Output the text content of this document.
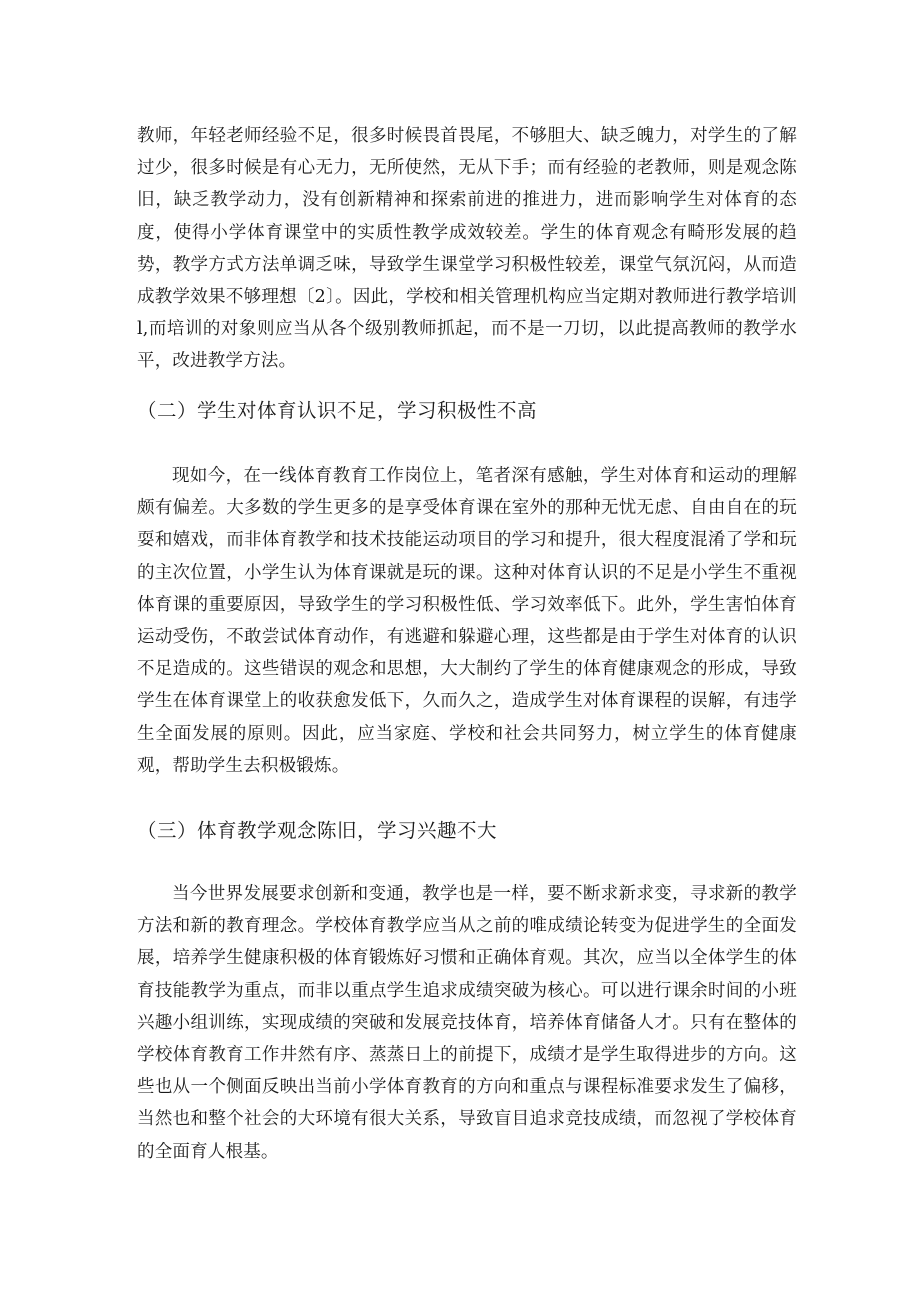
教师，年轻老师经验不足，很多时候畏首畏尾，不够胆大、缺乏魄力，对学生的了解过少，很多时候是有心无力，无所使然，无从下手；而有经验的老教师，则是观念陈旧，缺乏教学动力，没有创新精神和探索前进的推进力，进而影响学生对体育的态度，使得小学体育课堂中的实质性教学成效较差。学生的体育观念有畸形发展的趋势，教学方式方法单调乏味，导致学生课堂学习积极性较差，课堂气氛沉闷，从而造成教学效果不够理想〔2〕。因此，学校和相关管理机构应当定期对教师进行教学培训l,而培训的对象则应当从各个级别教师抓起，而不是一刀切，以此提高教师的教学水平，改进教学方法。

（二）学生对体育认识不足，学习积极性不高

现如今，在一线体育教育工作岗位上，笔者深有感触，学生对体育和运动的理解颇有偏差。大多数的学生更多的是享受体育课在室外的那种无忧无虑、自由自在的玩耍和嬉戏，而非体育教学和技术技能运动项目的学习和提升，很大程度混淆了学和玩的主次位置，小学生认为体育课就是玩的课。这种对体育认识的不足是小学生不重视体育课的重要原因，导致学生的学习积极性低、学习效率低下。此外，学生害怕体育运动受伤，不敢尝试体育动作，有逃避和躲避心理，这些都是由于学生对体育的认识不足造成的。这些错误的观念和思想，大大制约了学生的体育健康观念的形成，导致学生在体育课堂上的收获愈发低下，久而久之，造成学生对体育课程的误解，有违学生全面发展的原则。因此，应当家庭、学校和社会共同努力，树立学生的体育健康观，帮助学生去积极锻炼。

（三）体育教学观念陈旧，学习兴趣不大

当今世界发展要求创新和变通，教学也是一样，要不断求新求变，寻求新的教学方法和新的教育理念。学校体育教学应当从之前的唯成绩论转变为促进学生的全面发展，培养学生健康积极的体育锻炼好习惯和正确体育观。其次，应当以全体学生的体育技能教学为重点，而非以重点学生追求成绩突破为核心。可以进行课余时间的小班兴趣小组训练，实现成绩的突破和发展竞技体育，培养体育储备人才。只有在整体的学校体育教育工作井然有序、蒸蒸日上的前提下，成绩才是学生取得进步的方向。这些也从一个侧面反映出当前小学体育教育的方向和重点与课程标准要求发生了偏移，当然也和整个社会的大环境有很大关系，导致盲目追求竞技成绩，而忽视了学校体育的全面育人根基。
